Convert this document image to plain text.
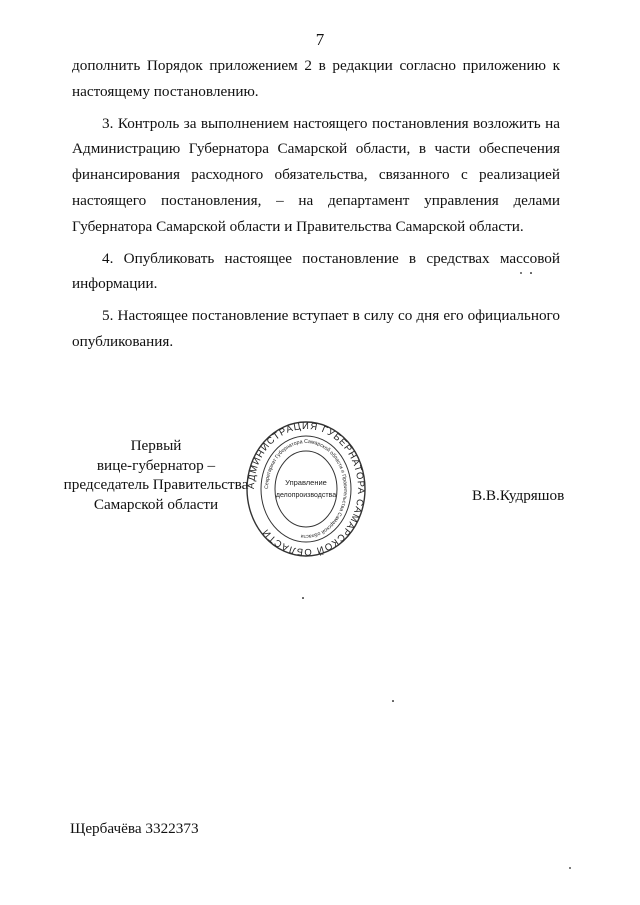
7

дополнить Порядок приложением 2 в редакции согласно приложению к настоящему постановлению.

3. Контроль за выполнением настоящего постановления возложить на Администрацию Губернатора Самарской области, в части обеспечения финансирования расходного обязательства, связанного с реализацией настоящего постановления, – на департамент управления делами Губернатора Самарской области и Правительства Самарской области.

4. Опубликовать настоящее постановление в средствах массовой информации.

5. Настоящее постановление вступает в силу со дня его официального опубликования.

Первый
вице-губернатор –
председатель Правительства
Самарской области	В.В.Кудряшов
АДМИНИСТРАЦИЯ ГУБЕРНАТОРА САМАРСКОЙ ОБЛАСТИ
Секретариат Губернатора Самарской области и Правительства Самарской области
Управление
делопроизводства
Щербачёва 3322373
